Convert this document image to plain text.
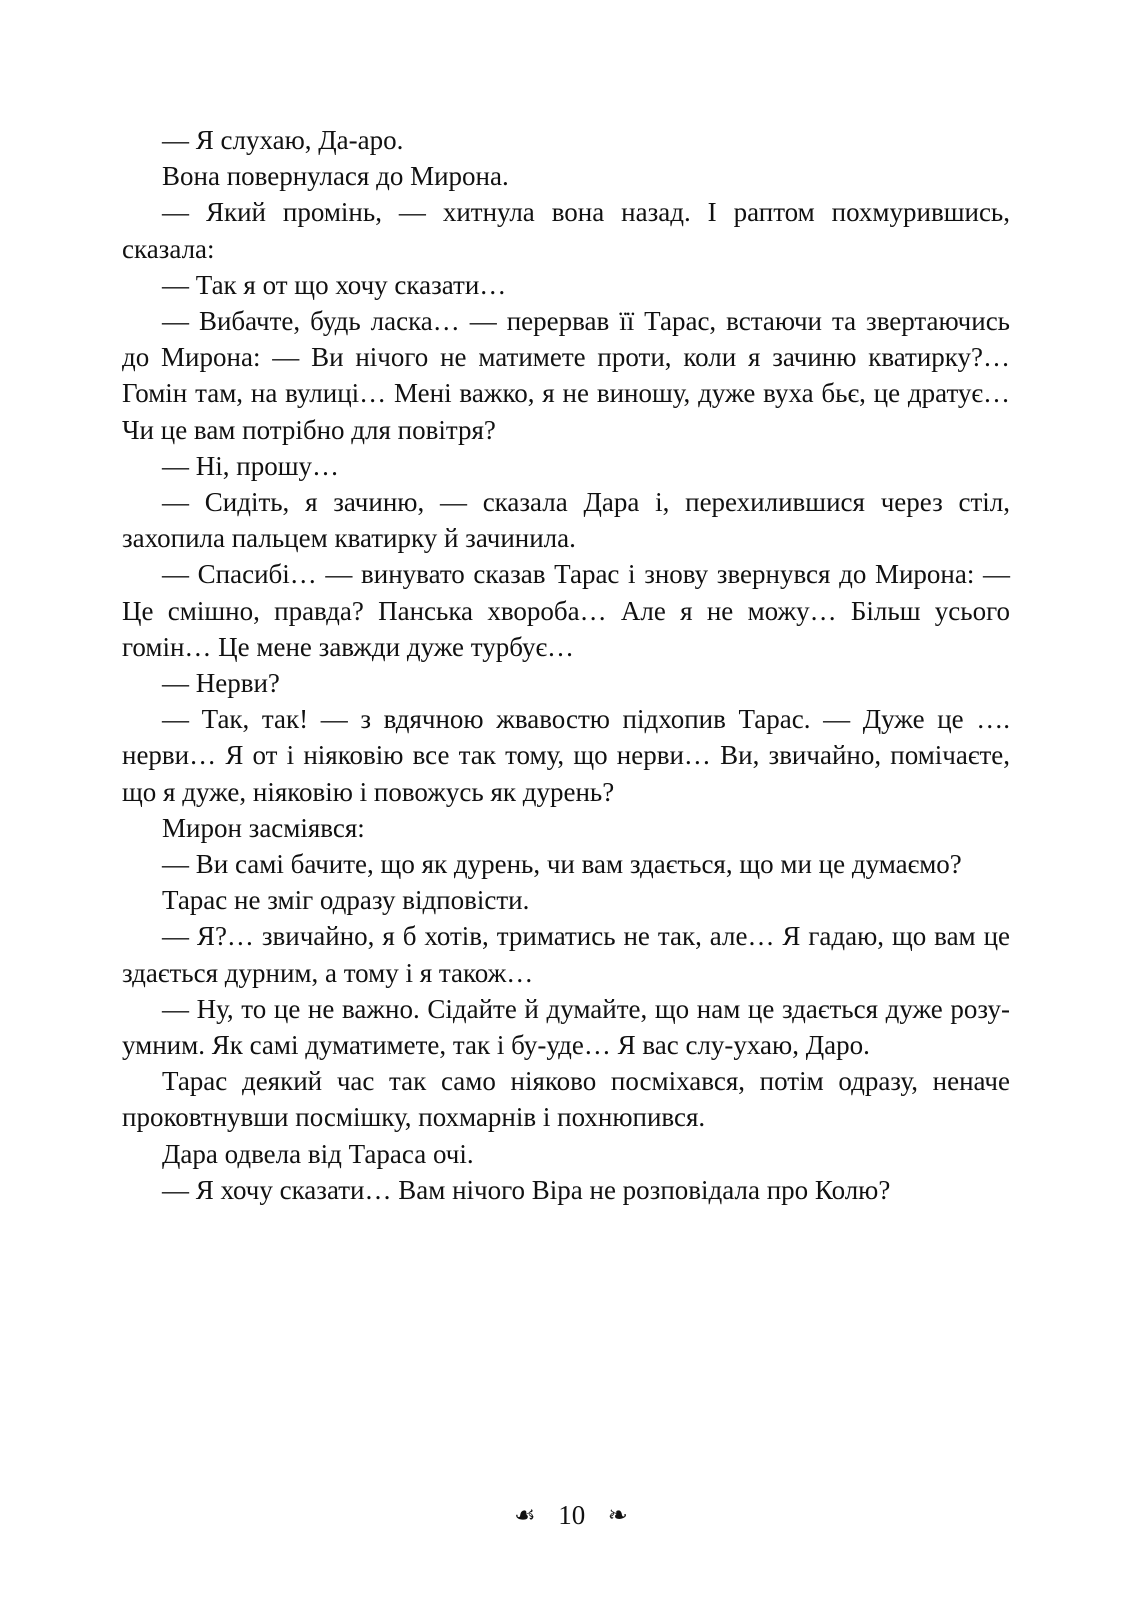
— Я слухаю, Да-аро.

Вона повернулася до Мирона.

— Який промінь, — хитнула вона назад. І раптом похмурившись, сказала:

— Так я от що хочу сказати…

— Вибачте, будь ласка… — перервав її Тарас, встаючи та звертаючись до Мирона: — Ви нічого не матимете проти, коли я зачиню кватирку?… Гомін там, на вулиці… Мені важко, я не виношу, дуже вуха бьє, це дратує… Чи це вам потрібно для повітря?

— Ні, прошу…

— Сидіть, я зачиню, — сказала Дара і, перехилившися через стіл, захопила пальцем кватирку й зачинила.

— Спасибі… — винувато сказав Тарас і знову звернувся до Мирона: — Це смішно, правда? Панська хвороба… Але я не можу… Більш усього гомін… Це мене завжди дуже турбує…

— Нерви?

— Так, так! — з вдячною жвавостю підхопив Тарас. — Дуже це …. нерви… Я от і ніяковію все так тому, що нерви… Ви, звичайно, помічаєте, що я дуже, ніяковію і повожусь як дурень?

Мирон засміявся:

— Ви самі бачите, що як дурень, чи вам здається, що ми це думаємо?

Тарас не зміг одразу відповісти.

— Я?… звичайно, я б хотів, триматись не так, але… Я гадаю, що вам це здається дурним, а тому і я також…

— Ну, то це не важно. Сідайте й думайте, що нам це здається дуже розу-умним. Як самі думатимете, так і бу-уде… Я вас слу-ухаю, Даро.

Тарас деякий час так само ніяково посміхався, потім одразу, неначе проковтнувши посмішку, похмарнів і похнюпився.

Дара одвела від Тараса очі.

— Я хочу сказати… Вам нічого Віра не розповідала про Колю?

☙ 10 ❧
